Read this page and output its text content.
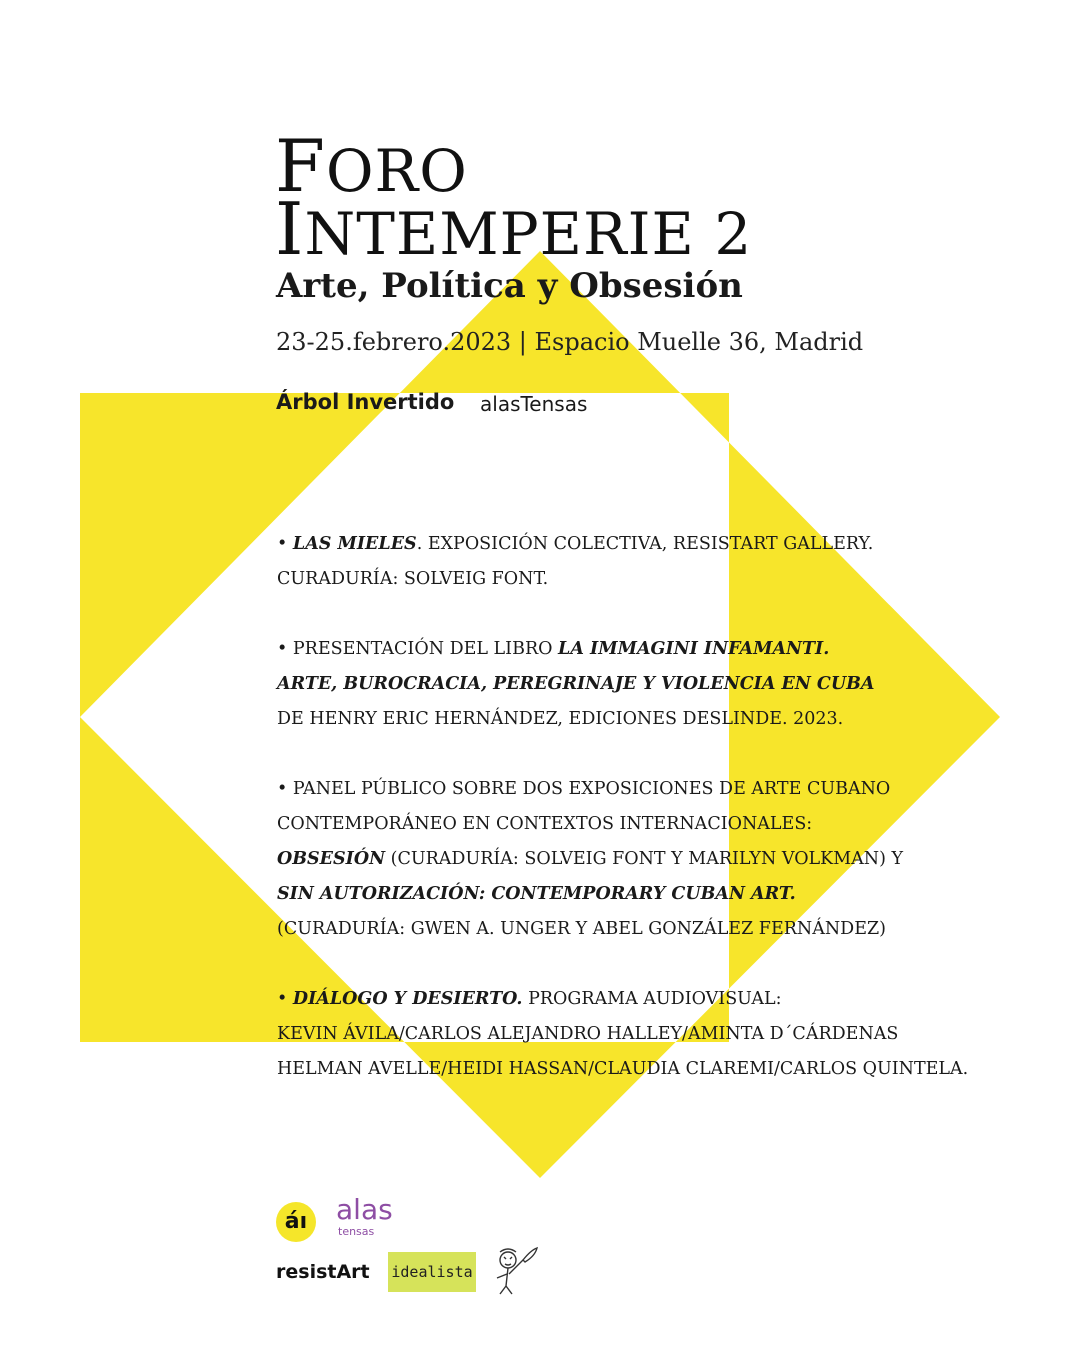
FORO
INTEMPERIE 2
Arte, Política y Obsesión
23-25.febrero.2023 | Espacio Muelle 36, Madrid
Árbol Invertido alasTensas
• LAS MIELES. EXPOSICIÓN COLECTIVA, RESISTART GALLERY.
CURADURÍA: SOLVEIG FONT.
• PRESENTACIÓN DEL LIBRO LA IMMAGINI INFAMANTI.
ARTE, BUROCRACIA, PEREGRINAJE Y VIOLENCIA EN CUBA
DE HENRY ERIC HERNÁNDEZ, EDICIONES DESLINDE. 2023.
• PANEL PÚBLICO SOBRE DOS EXPOSICIONES DE ARTE CUBANO
CONTEMPORÁNEO EN CONTEXTOS INTERNACIONALES:
OBSESIÓN (CURADURÍA: SOLVEIG FONT Y MARILYN VOLKMAN) Y
SIN AUTORIZACIÓN: CONTEMPORARY CUBAN ART.
(CURADURÍA: GWEN A. UNGER Y ABEL GONZÁLEZ FERNÁNDEZ)
• DIÁLOGO Y DESIERTO. PROGRAMA AUDIOVISUAL:
KEVIN ÁVILA/CARLOS ALEJANDRO HALLEY/AMINTA D´CÁRDENAS
HELMAN AVELLE/HEIDI HASSAN/CLAUDIA CLAREMI/CARLOS QUINTELA.
áı	alas
tensas
resistArt idealista
